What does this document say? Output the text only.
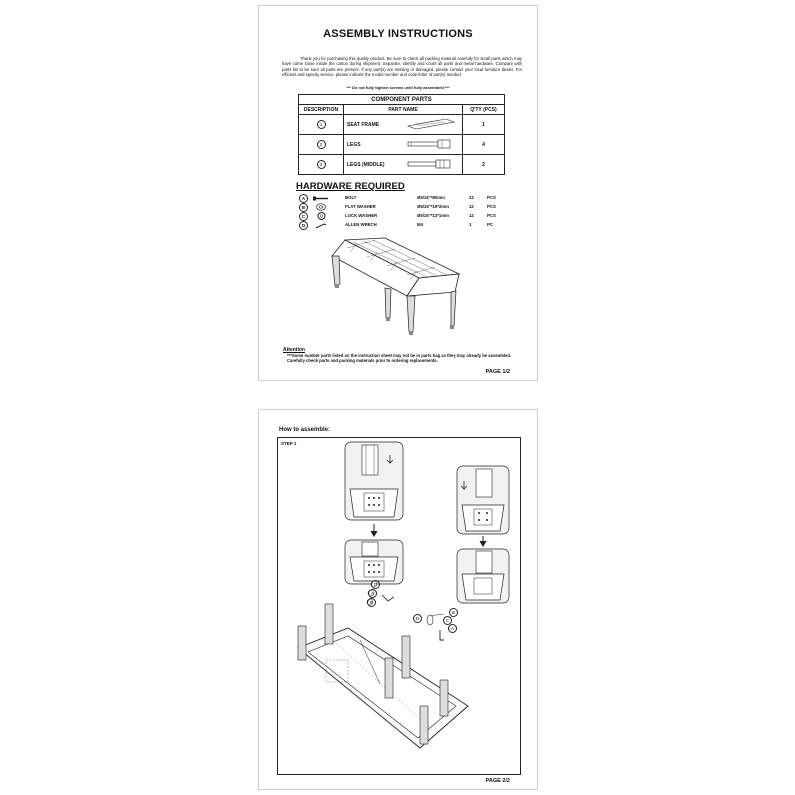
ASSEMBLY INSTRUCTIONS
Thank you for purchasing this quality product. Be sure to check all packing material carefully for small parts which may have come loose inside the carton during shipment. Separate, identify and count all parts and metal hardware. Compare with parts list to be sure all parts are present. If any part(s) are missing or damaged, please contact your local furniture dealer. For efficient and speedy service, please indicate the model number and code letter of part(s) needed.
*** Do not fully tighten screws until fully assembled ***
COMPONENT PARTS		
DESCRIPTION	PART NAME	Q'TY (PCS)
1	SEAT FRAME	1
2	LEGS	4
3	LEGS (MIDDLE)	2
HARDWARE REQUIRED
A	BOLT	Ø5/16"*80mm	12	PCS
B	FLAT WASHER	Ø5/16"*19*2mm	12	PCS
C	LOCK WASHER	Ø5/16"*13*1mm	12	PCS
D	ALLEN WRECH	M4	1	PC
Attention
***Some number parts listed on the instruction sheet may not be in parts bag as they may already be assembled. Carefully check parts and packing materials prior to ordering replacements.
PAGE 1/2
How to assemble:
STEP 1
D
A
B
B
C
A
D
PAGE 2/2
